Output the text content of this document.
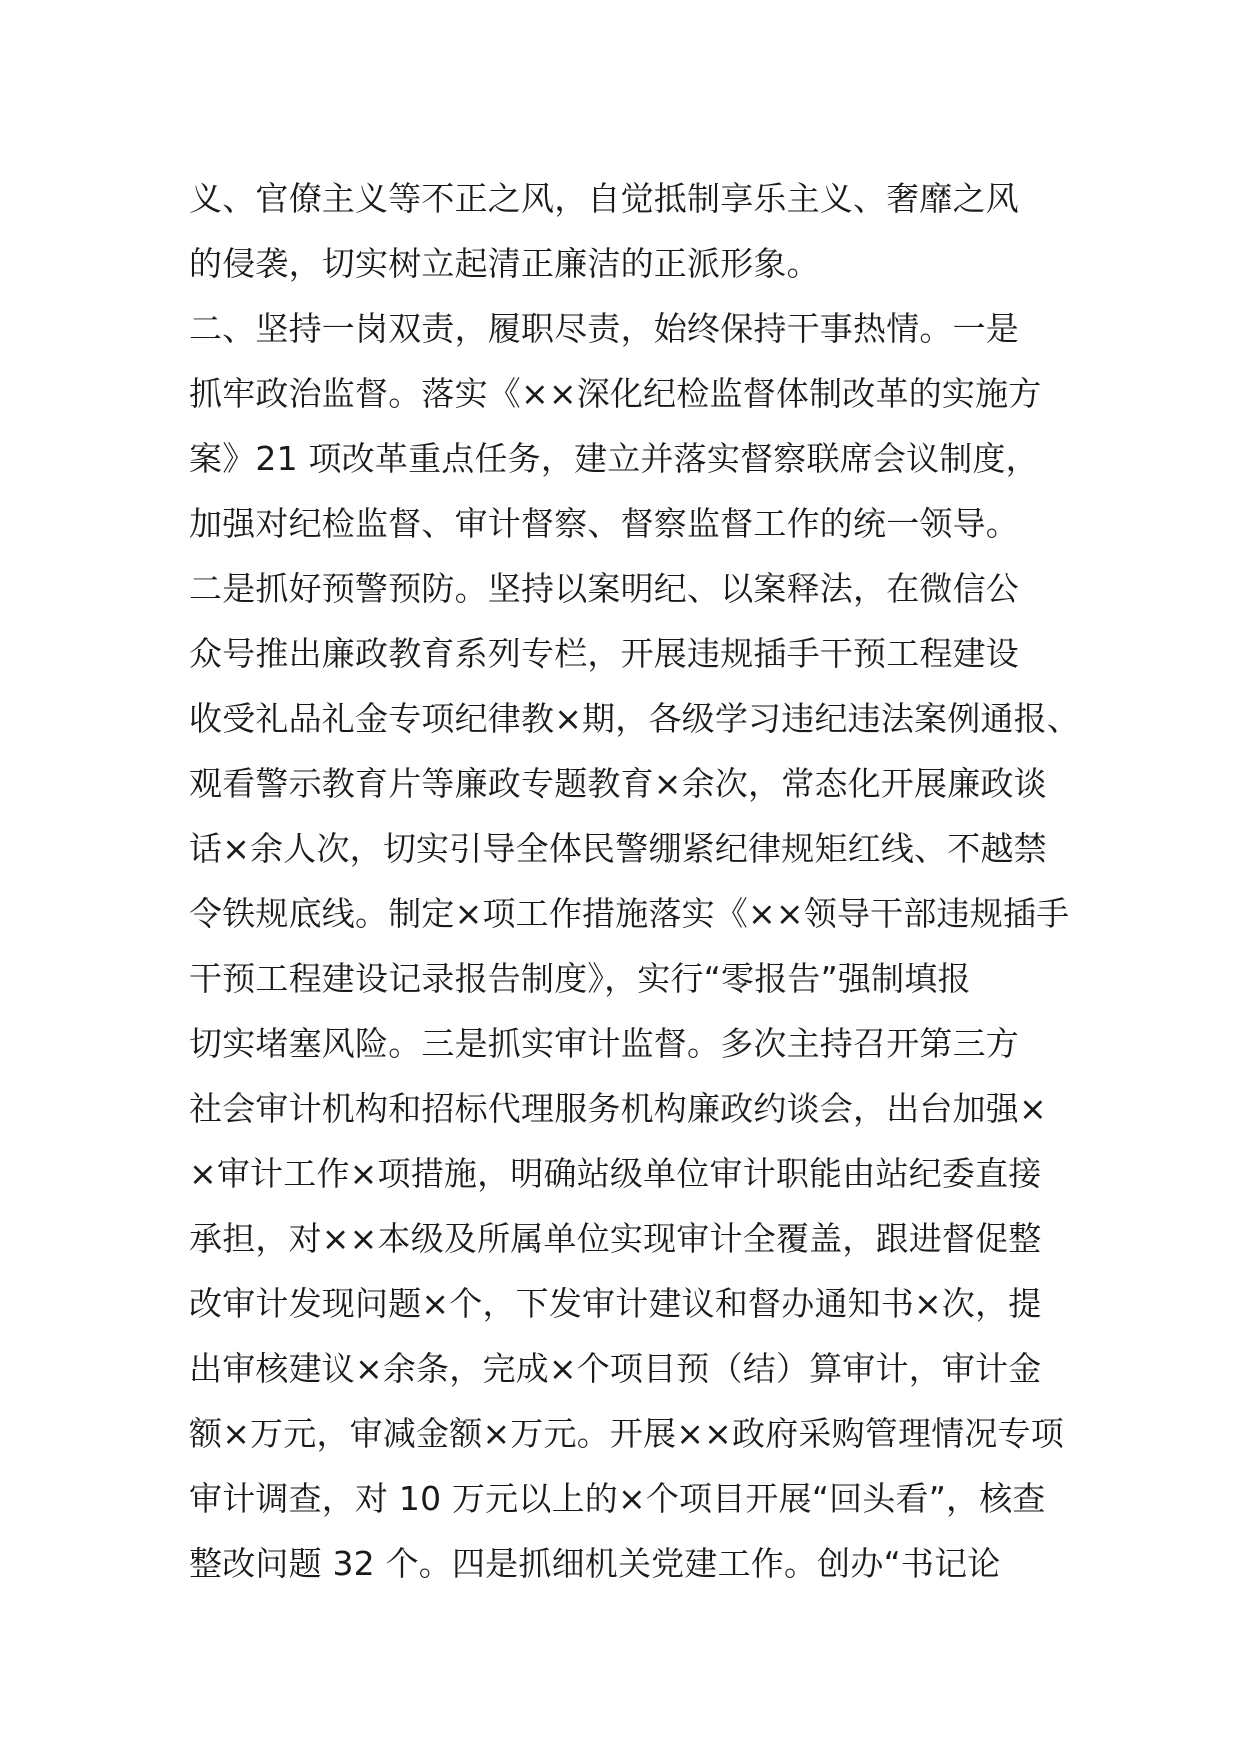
义、官僚主义等不正之风，自觉抵制享乐主义、奢靡之风
的侵袭，切实树立起清正廉洁的正派形象。
二、坚持一岗双责，履职尽责，始终保持干事热情。一是
抓牢政治监督。落实《××深化纪检监督体制改革的实施方
案》21 项改革重点任务，建立并落实督察联席会议制度，
加强对纪检监督、审计督察、督察监督工作的统一领导。
二是抓好预警预防。坚持以案明纪、以案释法，在微信公
众号推出廉政教育系列专栏，开展违规插手干预工程建设
收受礼品礼金专项纪律教×期，各级学习违纪违法案例通报、
观看警示教育片等廉政专题教育×余次，常态化开展廉政谈
话×余人次，切实引导全体民警绷紧纪律规矩红线、不越禁
令铁规底线。制定×项工作措施落实《××领导干部违规插手
干预工程建设记录报告制度》，实行“零报告”强制填报
切实堵塞风险。三是抓实审计监督。多次主持召开第三方
社会审计机构和招标代理服务机构廉政约谈会，出台加强×
×审计工作×项措施，明确站级单位审计职能由站纪委直接
承担，对××本级及所属单位实现审计全覆盖，跟进督促整
改审计发现问题×个，下发审计建议和督办通知书×次，提
出审核建议×余条，完成×个项目预（结）算审计，审计金
额×万元，审减金额×万元。开展××政府采购管理情况专项
审计调查，对 10 万元以上的×个项目开展“回头看”，核查
整改问题 32 个。四是抓细机关党建工作。创办“书记论
